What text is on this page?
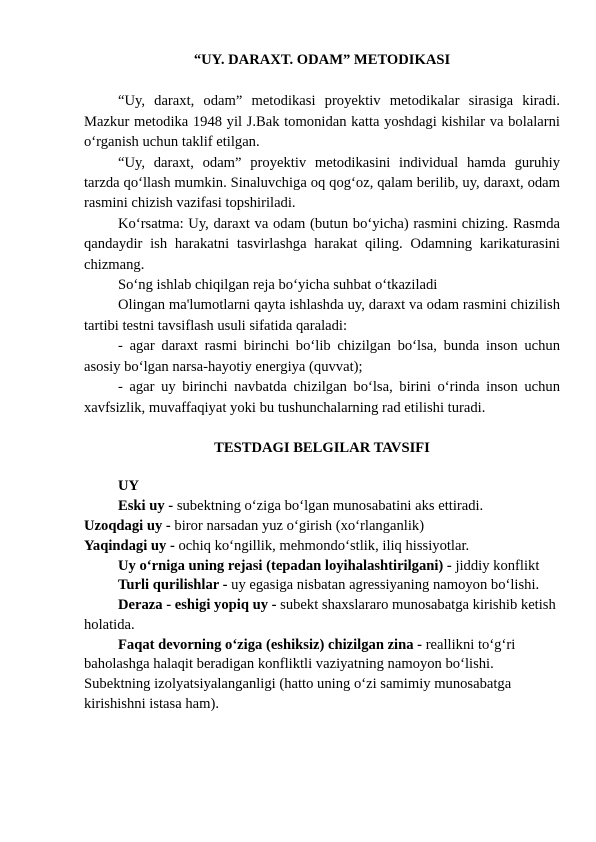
“UY. DARAXT. ODAM” METODIKASI

“Uy, daraxt, odam” metodikasi proyektiv metodikalar sirasiga kiradi. Mazkur metodika 1948 yil J.Bak tomonidan katta yoshdagi kishilar va bolalarni o‘rganish uchun taklif etilgan.

“Uy, daraxt, odam” proyektiv metodikasini individual hamda guruhiy tarzda qo‘llash mumkin. Sinaluvchiga oq qog‘oz, qalam berilib, uy, daraxt, odam rasmini chizish vazifasi topshiriladi.

Ko‘rsatma: Uy, daraxt va odam (butun bo‘yicha) rasmini chizing. Rasmda qandaydir ish harakatni tasvirlashga harakat qiling. Odamning karikaturasini chizmang.

So‘ng ishlab chiqilgan reja bo‘yicha suhbat o‘tkaziladi

Olingan ma'lumotlarni qayta ishlashda uy, daraxt va odam rasmini chizilish tartibi testni tavsiflash usuli sifatida qaraladi:

- agar daraxt rasmi birinchi bo‘lib chizilgan bo‘lsa, bunda inson uchun asosiy bo‘lgan narsa-hayotiy energiya (quvvat);

- agar uy birinchi navbatda chizilgan bo‘lsa, birini o‘rinda inson uchun xavfsizlik, muvaffaqiyat yoki bu tushunchalarning rad etilishi turadi.

TESTDAGI BELGILAR TAVSIFI

UY

Eski uy - subektning o‘ziga bo‘lgan munosabatini aks ettiradi.

Uzoqdagi uy - biror narsadan yuz o‘girish (xo‘rlanganlik)

Yaqindagi uy - ochiq ko‘ngillik, mehmondo‘stlik, iliq hissiyotlar.

Uy o‘rniga uning rejasi (tepadan loyihalashtirilgani) - jiddiy konflikt

Turli qurilishlar - uy egasiga nisbatan agressiyaning namoyon bo‘lishi.

Deraza - eshigi yopiq uy - subekt shaxslararo munosabatga kirishib ketish holatida.

Faqat devorning o‘ziga (eshiksiz) chizilgan zina - reallikni to‘g‘ri baholashga halaqit beradigan konfliktli vaziyatning namoyon bo‘lishi. Subektning izolyatsiyalanganligi (hatto uning o‘zi samimiy munosabatga kirishishni istasa ham).
